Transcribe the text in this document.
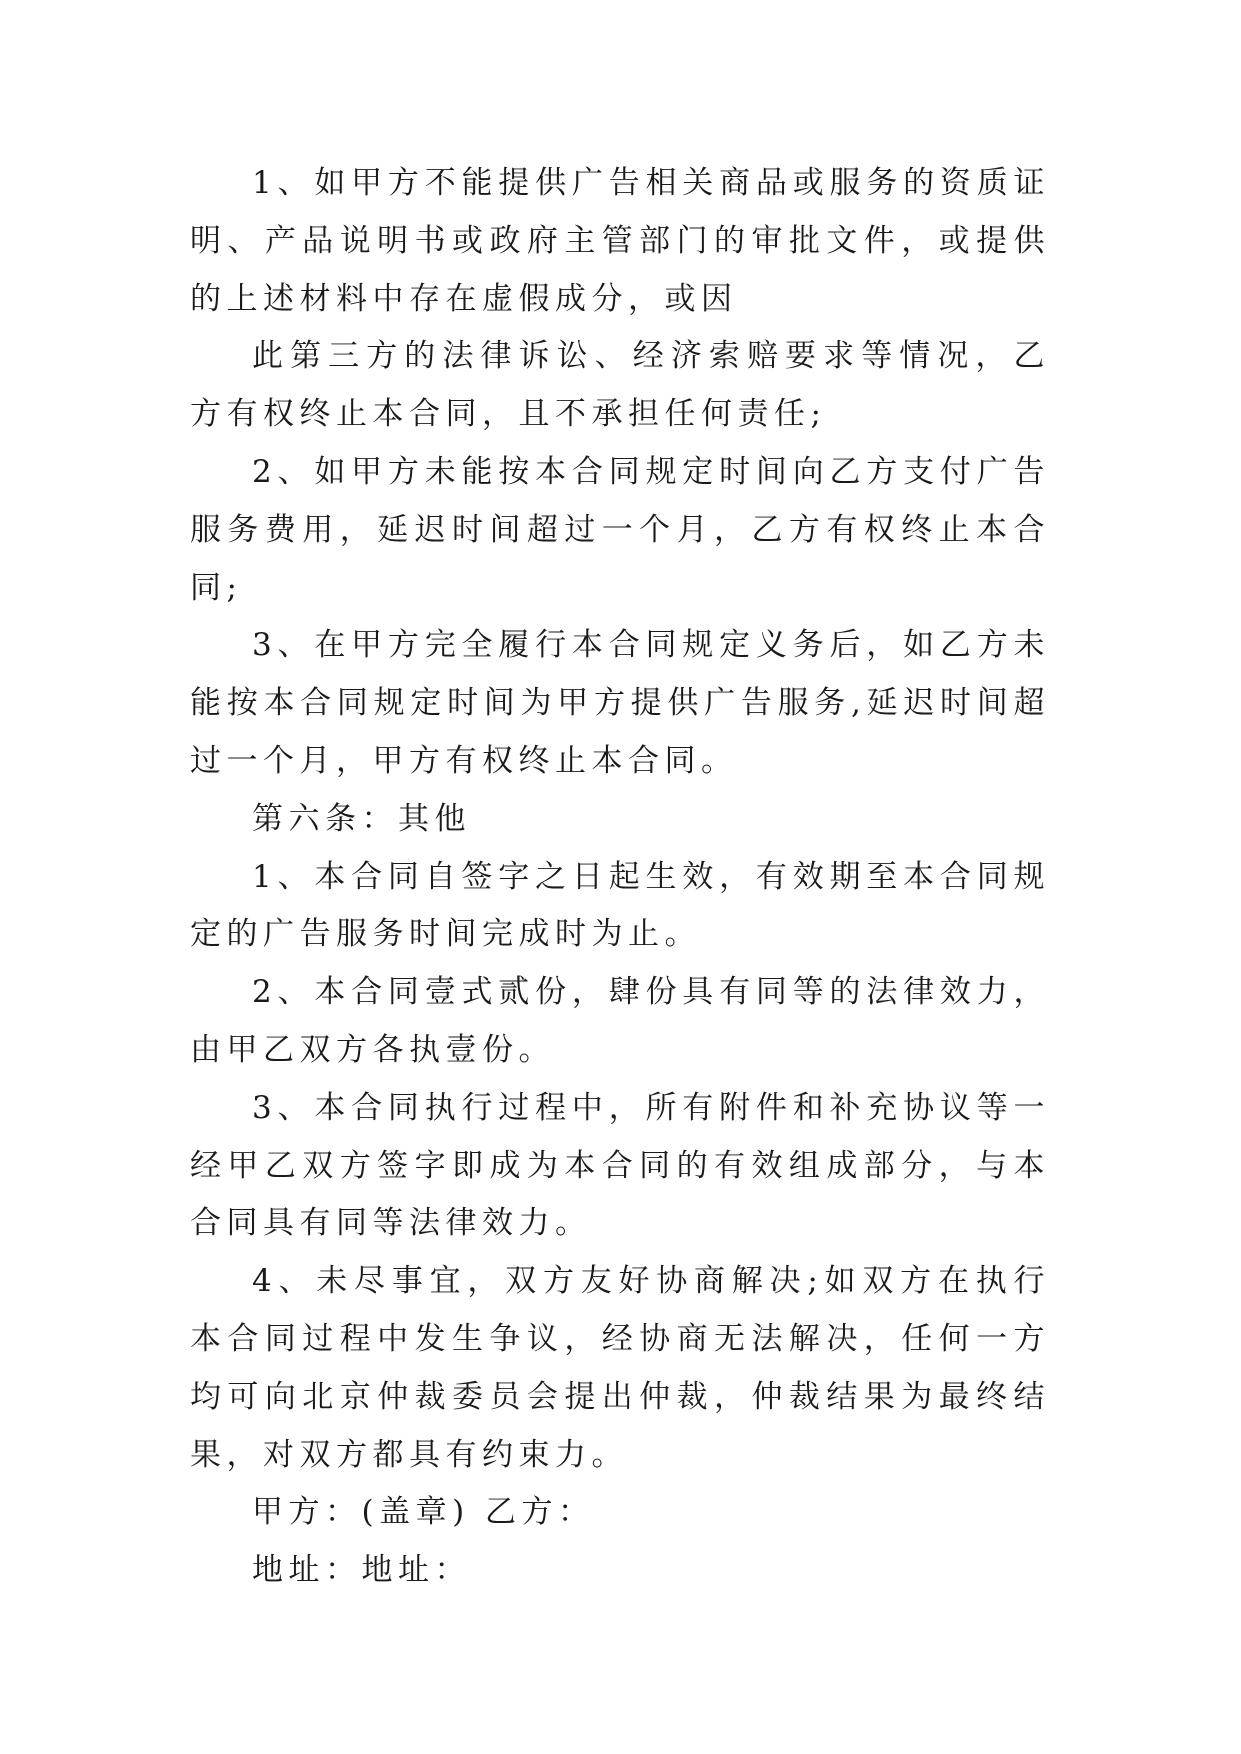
1、如甲方不能提供广告相关商品或服务的资质证明、产品说明书或政府主管部门的审批文件，或提供的上述材料中存在虚假成分，或因

此第三方的法律诉讼、经济索赔要求等情况，乙方有权终止本合同，且不承担任何责任;

2、如甲方未能按本合同规定时间向乙方支付广告服务费用，延迟时间超过一个月，乙方有权终止本合同;

3、在甲方完全履行本合同规定义务后，如乙方未能按本合同规定时间为甲方提供广告服务,延迟时间超过一个月，甲方有权终止本合同。

第六条：其他

1、本合同自签字之日起生效，有效期至本合同规定的广告服务时间完成时为止。

2、本合同壹式贰份，肆份具有同等的法律效力，由甲乙双方各执壹份。

3、本合同执行过程中，所有附件和补充协议等一经甲乙双方签字即成为本合同的有效组成部分，与本合同具有同等法律效力。

4、未尽事宜，双方友好协商解决;如双方在执行本合同过程中发生争议，经协商无法解决，任何一方均可向北京仲裁委员会提出仲裁，仲裁结果为最终结果，对双方都具有约束力。

甲方：(盖章) 乙方：

地址：地址：
